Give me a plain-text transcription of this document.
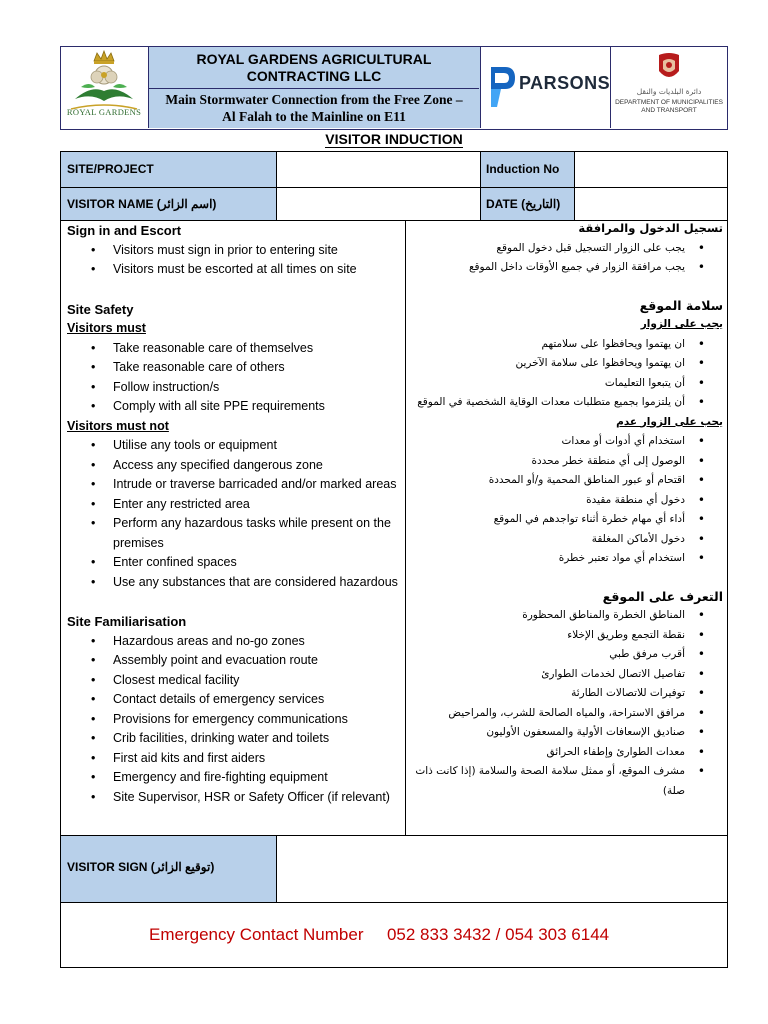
ROYAL GARDENS
ROYAL GARDENS AGRICULTURAL CONTRACTING LLC
Main Stormwater Connection from the Free Zone –
Al Falah to the Mainline on E11
PARSONS	دائرة البلديات والنقل
DEPARTMENT OF MUNICIPALITIES
AND TRANSPORT
VISITOR INDUCTION
SITE/PROJECT	Induction No
VISITOR NAME (اسم الزائر)	DATE (التاريخ)
Sign in and Escort
• Visitors must sign in prior to entering site
• Visitors must be escorted at all times on site
Site Safety
Visitors must
• Take reasonable care of themselves
• Take reasonable care of others
• Follow instruction/s
• Comply with all site PPE requirements
Visitors must not
• Utilise any tools or equipment
• Access any specified dangerous zone
• Intrude or traverse barricaded and/or marked areas
• Enter any restricted area
• Perform any hazardous tasks while present on the premises
• Enter confined spaces
• Use any substances that are considered hazardous
Site Familiarisation
• Hazardous areas and no-go zones
• Assembly point and evacuation route
• Closest medical facility
• Contact details of emergency services
• Provisions for emergency communications
• Crib facilities, drinking water and toilets
• First aid kits and first aiders
• Emergency and fire-fighting equipment
• Site Supervisor, HSR or Safety Officer (if relevant)
تسجيل الدخول والمرافقة
• يجب على الزوار التسجيل قبل دخول الموقع
• يجب مرافقة الزوار في جميع الأوقات داخل الموقع
سلامة الموقع
يجب على الزوار
• ان يهتموا ويحافظوا على سلامتهم
• ان يهتموا ويحافظوا على سلامة الآخرين
• أن يتبعوا التعليمات
• أن يلتزموا بجميع متطلبات معدات الوقاية الشخصية في الموقع
يجب على الزوار عدم
• استخدام أي أدوات أو معدات
• الوصول إلى أي منطقة خطر محددة
• اقتحام أو عبور المناطق المحمية و/أو المحددة
• دخول أي منطقة مقيدة
• أداء أي مهام خطرة أثناء تواجدهم في الموقع
• دخول الأماكن المغلقة
• استخدام أي مواد تعتبر خطرة
التعرف على الموقع
• المناطق الخطرة والمناطق المحظورة
• نقطة التجمع وطريق الإخلاء
• أقرب مرفق طبي
• تفاصيل الاتصال لخدمات الطوارئ
• توفيرات للاتصالات الطارئة
• مرافق الاستراحة، والمياه الصالحة للشرب، والمراحيض
• صناديق الإسعافات الأولية والمسعفون الأوليون
• معدات الطوارئ وإطفاء الحرائق
• مشرف الموقع، أو ممثل سلامة الصحة والسلامة (إذا كانت ذات صلة)
VISITOR SIGN (توقيع الزائر)
Emergency Contact Number 052 833 3432 / 054 303 6144
